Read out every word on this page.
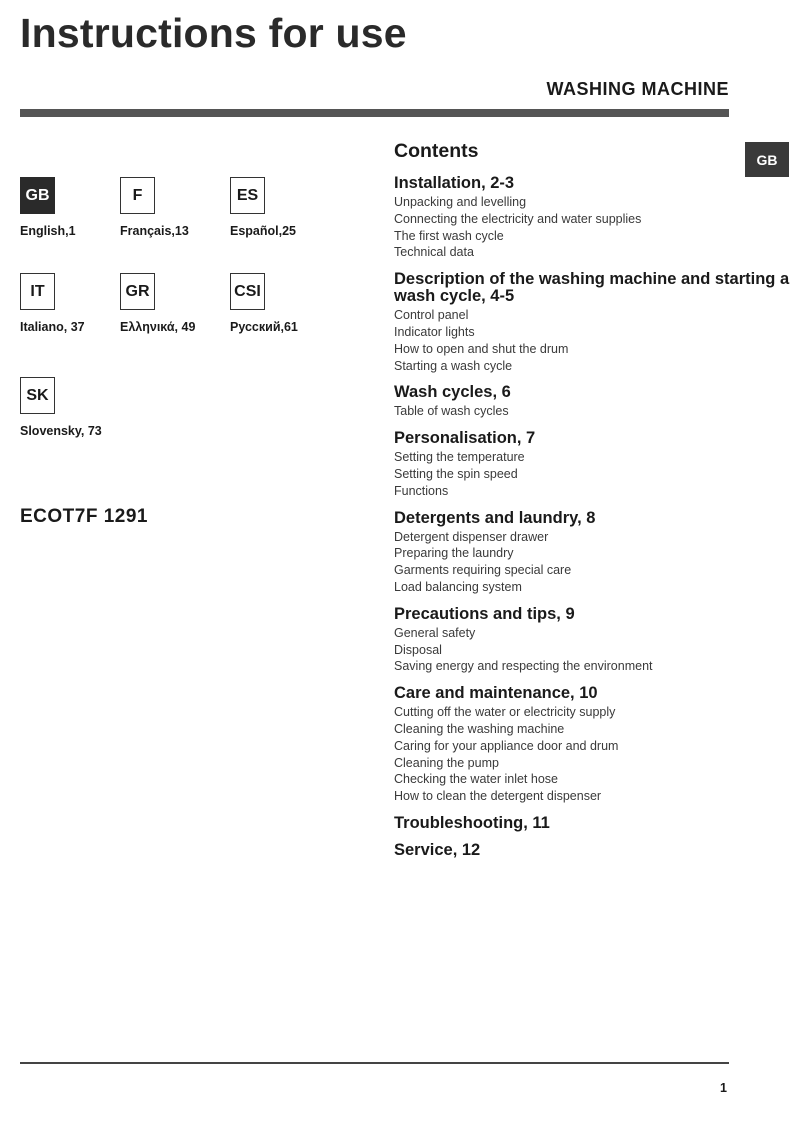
Instructions for use
WASHING MACHINE
GB
GB
English,1
F
Français,13
ES
Español,25
IT
Italiano, 37
GR
Ελληνικά, 49
CSI
Русский,61
SK
Slovensky, 73
ECOT7F 1291
Contents
Installation, 2-3
Unpacking and levelling
Connecting the electricity and water supplies
The first wash cycle
Technical data
Description of the washing machine and starting a wash cycle, 4-5
Control panel
Indicator lights
How to open and shut the drum
Starting a wash cycle
Wash cycles, 6
Table of wash cycles
Personalisation, 7
Setting the temperature
Setting the spin speed
Functions
Detergents and laundry, 8
Detergent dispenser drawer
Preparing the laundry
Garments requiring special care
Load balancing system
Precautions and tips, 9
General safety
Disposal
Saving energy and respecting the environment
Care and maintenance, 10
Cutting off the water or electricity supply
Cleaning the washing machine
Caring for your appliance door and drum
Cleaning the pump
Checking the water inlet hose
How to clean the detergent dispenser
Troubleshooting, 11
Service, 12
1
